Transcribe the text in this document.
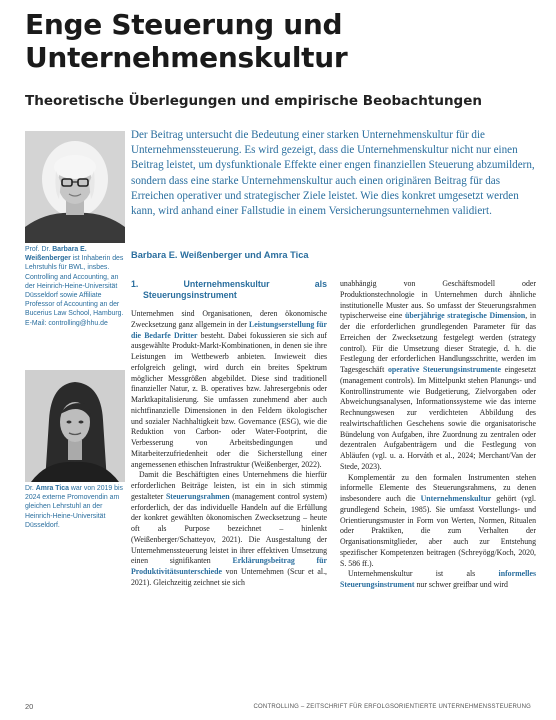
Enge Steuerung und
Unternehmenskultur
Theoretische Überlegungen und empirische Beobachtungen

Der Beitrag untersucht die Bedeutung einer starken Unternehmenskultur für die Unternehmenssteuerung. Es wird gezeigt, dass die Unternehmenskultur nicht nur einen Beitrag leistet, um dysfunktionale Effekte einer engen finanziellen Steuerung abzumildern, sondern dass eine starke Unternehmenskultur auch einen originären Beitrag für das Erreichen operativer und strategischer Ziele leistet. Wie dies konkret umgesetzt werden kann, wird anhand einer Fallstudie in einem Versicherungsunternehmen validiert.

Barbara E. Weißenberger und Amra Tica

Prof. Dr. Barbara E. Weißenberger ist Inhaberin des Lehrstuhls für BWL, insbes. Controlling and Accounting, an der Heinrich-Heine-Universität Düsseldorf sowie Affiliate Professor of Accounting an der Bucerius Law School, Hamburg. E-Mail: controlling@hhu.de

Dr. Amra Tica war von 2019 bis 2024 externe Promovendin am gleichen Lehrstuhl an der Heinrich-Heine-Universität Düsseldorf.

1. Unternehmenskultur als Steuerungsinstrument

Unternehmen sind Organisationen, deren ökonomische Zwecksetzung ganz allgemein in der Leistungserstellung für die Bedarfe Dritter besteht. Dabei fokussieren sie sich auf ausgewählte Produkt-Markt-Kombinationen, in denen sie ihre Leistungen im Wettbewerb anbieten. Inwieweit dies erfolgreich gelingt, wird durch ein breites Spektrum möglicher Messgrößen abgebildet. Diese sind traditionell finanzieller Natur, z. B. operatives bzw. Jahresergebnis oder Marktkapitalisierung. Sie umfassen zunehmend aber auch nichtfinanzielle Dimensionen in den Feldern ökologischer und sozialer Nachhaltigkeit bzw. Governance (ESG), wie die Reduktion von Carbon- oder Water-Footprint, die Verbesserung von Arbeitsbedingungen und Mitarbeiterzufriedenheit oder die Sicherstellung einer angemessenen ethischen Infrastruktur (Weißenberger, 2022).

Damit die Beschäftigten eines Unternehmens die hierfür erforderlichen Beiträge leisten, ist ein in sich stimmig gestalteter Steuerungsrahmen (management control system) erforderlich, der das individuelle Handeln auf die Erfüllung der konkret gewählten ökonomischen Zwecksetzung – heute oft als Purpose bezeichnet – hinlenkt (Weißenberger/Schatteyov, 2021). Die Ausgestaltung der Unternehmenssteuerung leistet in ihrer effektiven Umsetzung einen signifikanten Erklärungsbeitrag für Produktivitätsunterschiede von Unternehmen (Scur et al., 2021). Gleichzeitig zeichnet sie sich

unabhängig von Geschäftsmodell oder Produktionstechnologie in Unternehmen durch ähnliche institutionelle Muster aus. So umfasst der Steuerungsrahmen typischerweise eine überjährige strategische Dimension, in der die erforderlichen grundlegenden Parameter für das Erreichen der Zwecksetzung festgelegt werden (strategy control). Für die Umsetzung dieser Strategie, d. h. die Festlegung der erforderlichen Handlungsschritte, werden im Tagesgeschäft operative Steuerungsinstrumente eingesetzt (management controls). Im Mittelpunkt stehen Planungs- und Kontrollinstrumente wie Budgetierung, Zielvorgaben oder Abweichungsanalysen, Informationssysteme wie das interne Rechnungswesen zur verdichteten Abbildung des realwirtschaftlichen Geschehens sowie die organisatorische Bündelung von Aufgaben, ihre Zuordnung zu zentralen oder dezentralen Aufgabenträgern und die Festlegung von Abläufen (vgl. u. a. Horváth et al., 2024; Merchant/Van der Stede, 2023).

Komplementär zu den formalen Instrumenten stehen informelle Elemente des Steuerungsrahmens, zu denen insbesondere auch die Unternehmenskultur gehört (vgl. grundlegend Schein, 1985). Sie umfasst Vorstellungs- und Orientierungsmuster in Form von Werten, Normen, Ritualen oder Praktiken, die zum Verhalten der Organisationsmitglieder, aber auch zur Entstehung spezifischer Kompetenzen beitragen (Schreyögg/Koch, 2020, S. 586 ff.).

Unternehmenskultur ist als informelles Steuerungsinstrument nur schwer greifbar und wird

20	CONTROLLING – ZEITSCHRIFT FÜR ERFOLGSORIENTIERTE UNTERNEHMENSSTEUERUNG
